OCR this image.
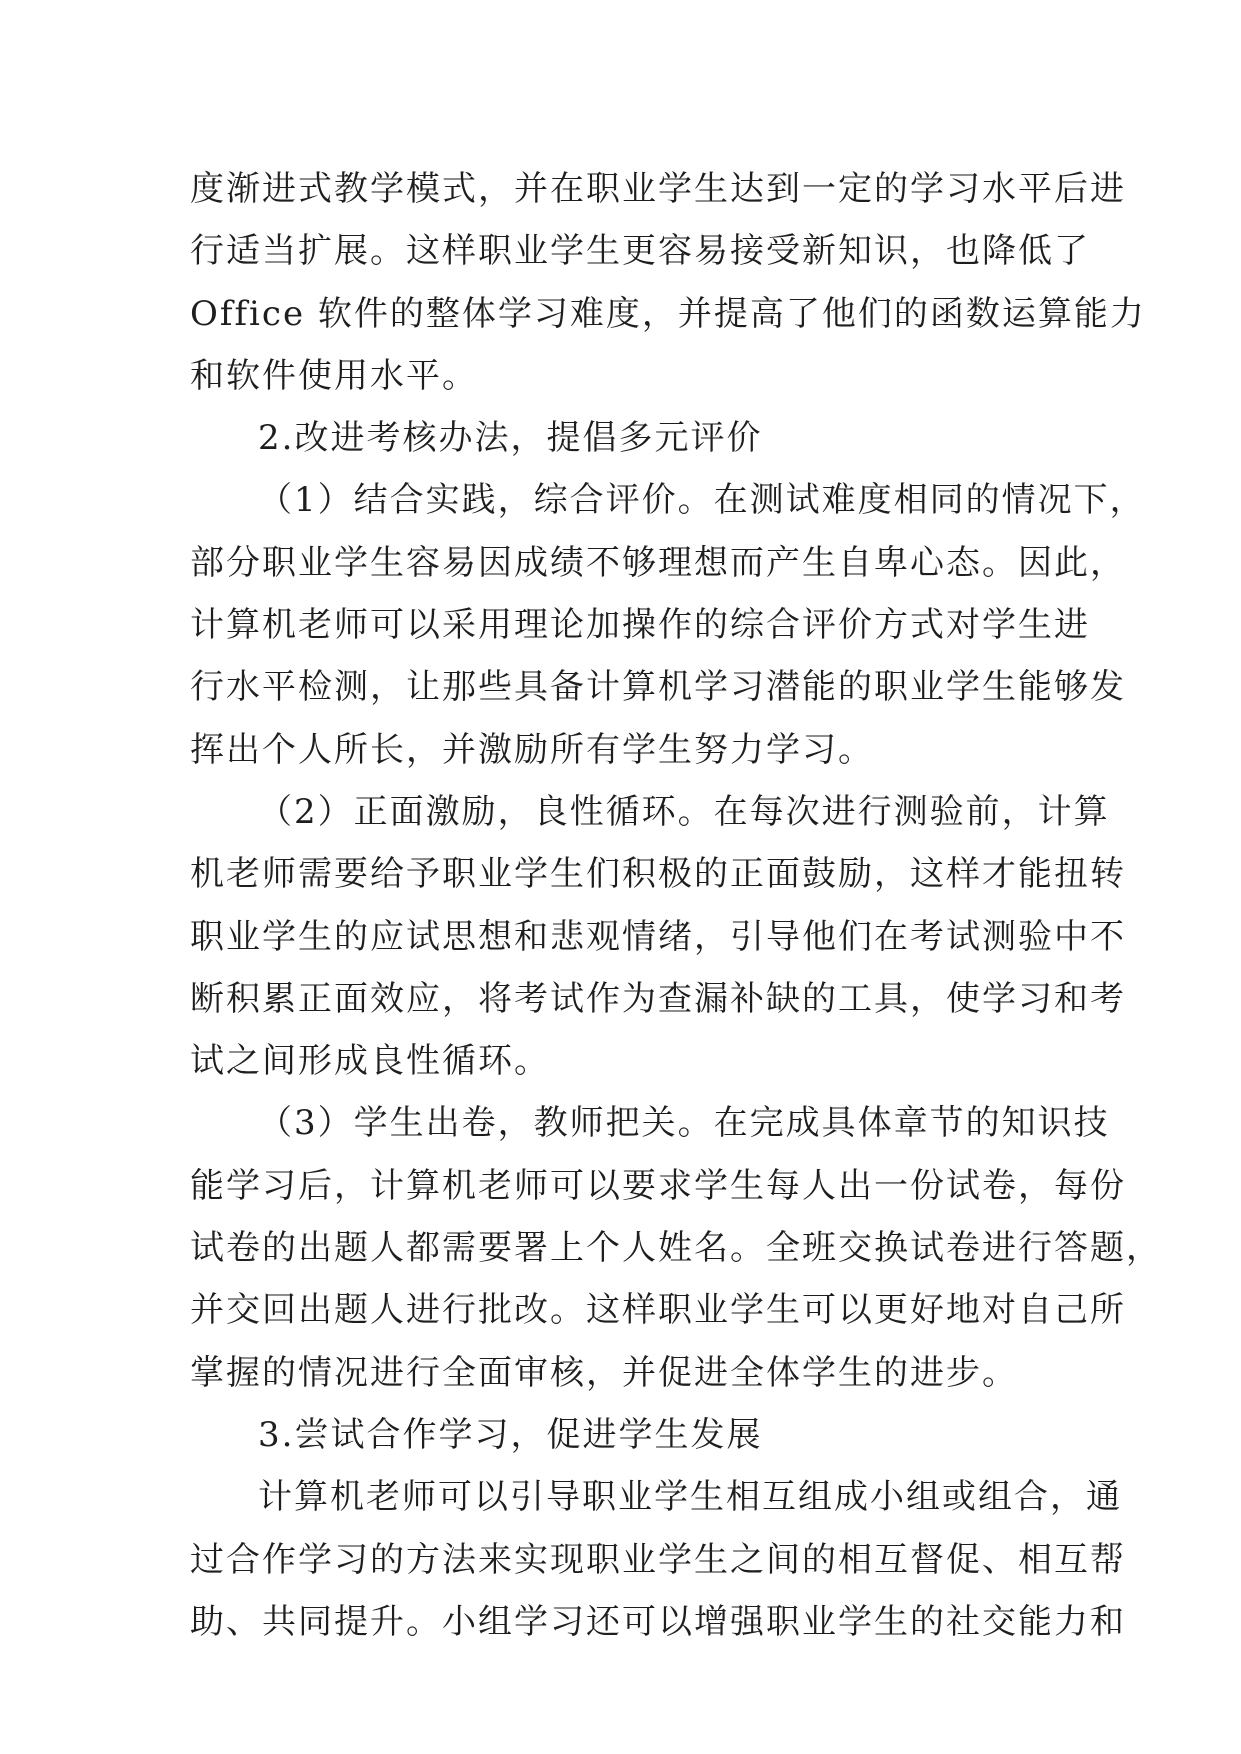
度渐进式教学模式，并在职业学生达到一定的学习水平后进
行适当扩展。这样职业学生更容易接受新知识，也降低了
Office 软件的整体学习难度，并提高了他们的函数运算能力
和软件使用水平。
2.改进考核办法，提倡多元评价
（1）结合实践，综合评价。在测试难度相同的情况下，
部分职业学生容易因成绩不够理想而产生自卑心态。因此，
计算机老师可以采用理论加操作的综合评价方式对学生进
行水平检测，让那些具备计算机学习潜能的职业学生能够发
挥出个人所长，并激励所有学生努力学习。
（2）正面激励，良性循环。在每次进行测验前，计算
机老师需要给予职业学生们积极的正面鼓励，这样才能扭转
职业学生的应试思想和悲观情绪，引导他们在考试测验中不
断积累正面效应，将考试作为查漏补缺的工具，使学习和考
试之间形成良性循环。
（3）学生出卷，教师把关。在完成具体章节的知识技
能学习后，计算机老师可以要求学生每人出一份试卷，每份
试卷的出题人都需要署上个人姓名。全班交换试卷进行答题，
并交回出题人进行批改。这样职业学生可以更好地对自己所
掌握的情况进行全面审核，并促进全体学生的进步。
3.尝试合作学习，促进学生发展
计算机老师可以引导职业学生相互组成小组或组合，通
过合作学习的方法来实现职业学生之间的相互督促、相互帮
助、共同提升。小组学习还可以增强职业学生的社交能力和
